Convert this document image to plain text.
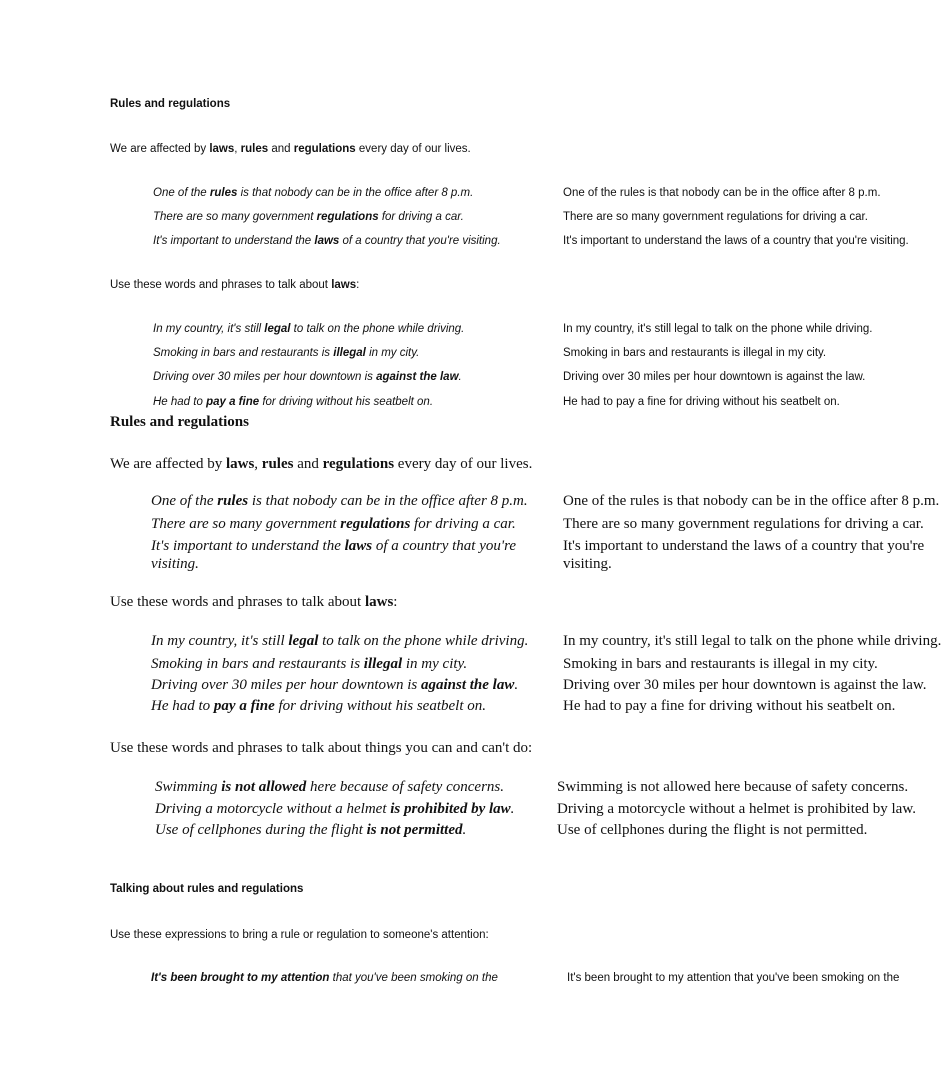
Rules and regulations
We are affected by laws, rules and regulations every day of our lives.
One of the rules is that nobody can be in the office after 8 p.m.
There are so many government regulations for driving a car.
It's important to understand the laws of a country that you're visiting.
Use these words and phrases to talk about laws:
In my country, it's still legal to talk on the phone while driving.
Smoking in bars and restaurants is illegal in my city.
Driving over 30 miles per hour downtown is against the law.
He had to pay a fine for driving without his seatbelt on.
One of the rules is that nobody can be in the office after 8 p.m.
There are so many government regulations for driving a car.
It's important to understand the laws of a country that you're visiting.
In my country, it's still legal to talk on the phone while driving.
Smoking in bars and restaurants is illegal in my city.
Driving over 30 miles per hour downtown is against the law.
He had to pay a fine for driving without his seatbelt on.
Rules and regulations
We are affected by laws, rules and regulations every day of our lives.
One of the rules is that nobody can be in the office after 8 p.m.
There are so many government regulations for driving a car.
It's important to understand the laws of a country that you're
visiting.
Use these words and phrases to talk about laws:
In my country, it's still legal to talk on the phone while driving.
Smoking in bars and restaurants is illegal in my city.
Driving over 30 miles per hour downtown is against the law.
He had to pay a fine for driving without his seatbelt on.
Use these words and phrases to talk about things you can and can't do:
Swimming is not allowed here because of safety concerns.
Driving a motorcycle without a helmet is prohibited by law.
Use of cellphones during the flight is not permitted.
One of the rules is that nobody can be in the office after 8 p.m.
There are so many government regulations for driving a car.
It's important to understand the laws of a country that you're
visiting.
In my country, it's still legal to talk on the phone while driving.
Smoking in bars and restaurants is illegal in my city.
Driving over 30 miles per hour downtown is against the law.
He had to pay a fine for driving without his seatbelt on.
Swimming is not allowed here because of safety concerns.
Driving a motorcycle without a helmet is prohibited by law.
Use of cellphones during the flight is not permitted.
Talking about rules and regulations
Use these expressions to bring a rule or regulation to someone's attention:
It's been brought to my attention that you've been smoking on the	It's been brought to my attention that you've been smoking on the
